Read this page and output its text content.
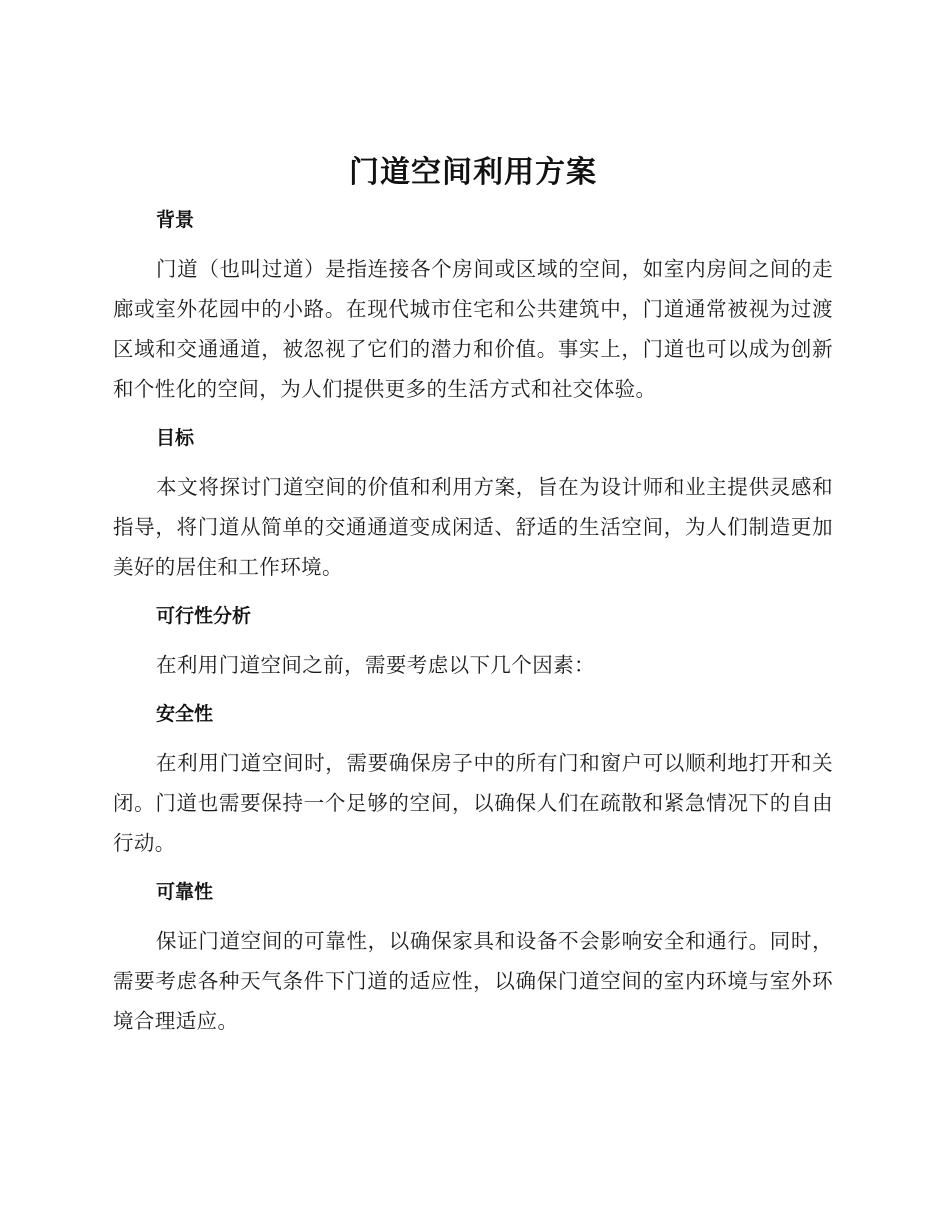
门道空间利用方案
背景

门道（也叫过道）是指连接各个房间或区域的空间，如室内房间之间的走廊或室外花园中的小路。在现代城市住宅和公共建筑中，门道通常被视为过渡区域和交通通道，被忽视了它们的潜力和价值。事实上，门道也可以成为创新和个性化的空间，为人们提供更多的生活方式和社交体验。

目标

本文将探讨门道空间的价值和利用方案，旨在为设计师和业主提供灵感和指导，将门道从简单的交通通道变成闲适、舒适的生活空间，为人们制造更加美好的居住和工作环境。

可行性分析

在利用门道空间之前，需要考虑以下几个因素：

安全性

在利用门道空间时，需要确保房子中的所有门和窗户可以顺利地打开和关闭。门道也需要保持一个足够的空间，以确保人们在疏散和紧急情况下的自由行动。

可靠性

保证门道空间的可靠性，以确保家具和设备不会影响安全和通行。同时，需要考虑各种天气条件下门道的适应性，以确保门道空间的室内环境与室外环境合理适应。
